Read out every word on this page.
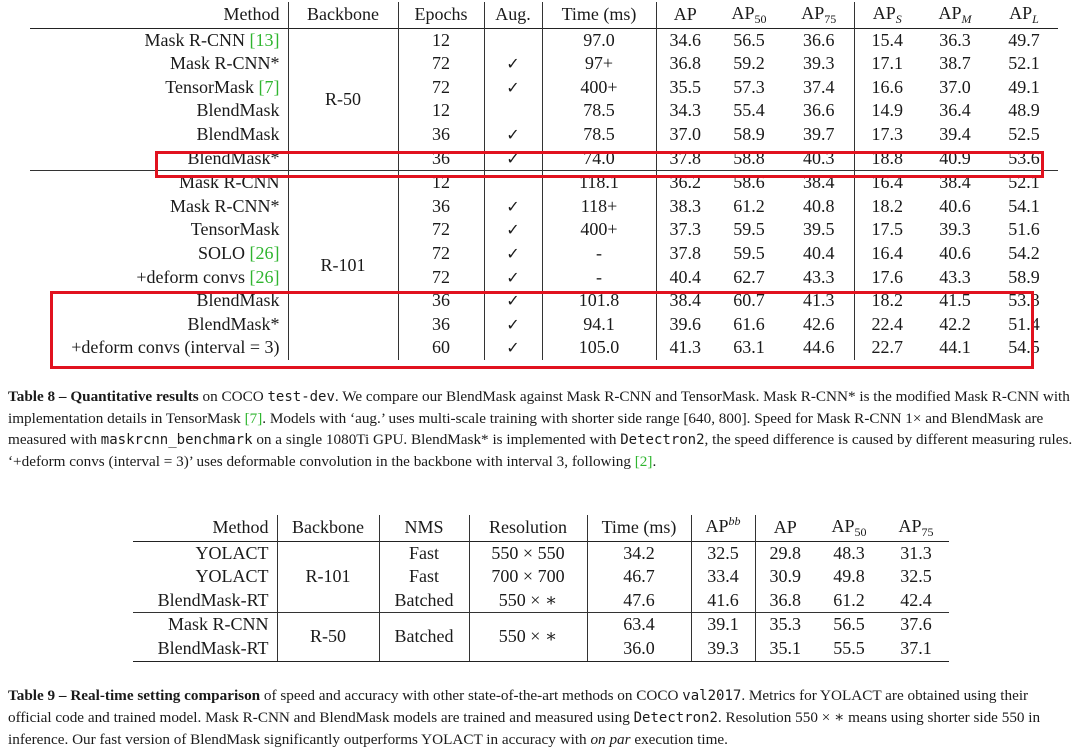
Method	Backbone	Epochs	Aug.	Time (ms)	AP	$AP_{50}$	$AP_{75}$	$AP_S$	$AP_M$	$AP_L$
Mask R-CNN [13]	R-50	12		97.0	34.6	56.5	36.6	15.4	36.3	49.7
Mask R-CNN*		72	✓	97+	36.8	59.2	39.3	17.1	38.7	52.1
TensorMask [7]		72	✓	400+	35.5	57.3	37.4	16.6	37.0	49.1
BlendMask		12		78.5	34.3	55.4	36.6	14.9	36.4	48.9
BlendMask		36	✓	78.5	37.0	58.9	39.7	17.3	39.4	52.5
BlendMask*		36	✓	74.0	37.8	58.8	40.3	18.8	40.9	53.6
Mask R-CNN	R-101	12		118.1	36.2	58.6	38.4	16.4	38.4	52.1
Mask R-CNN*		36	✓	118+	38.3	61.2	40.8	18.2	40.6	54.1
TensorMask		72	✓	400+	37.3	59.5	39.5	17.5	39.3	51.6
SOLO [26]		72	✓	-	37.8	59.5	40.4	16.4	40.6	54.2
+deform convs [26]		72	✓	-	40.4	62.7	43.3	17.6	43.3	58.9
BlendMask		36	✓	101.8	38.4	60.7	41.3	18.2	41.5	53.3
BlendMask*		36	✓	94.1	39.6	61.6	42.6	22.4	42.2	51.4
+deform convs (interval = 3)		60	✓	105.0	41.3	63.1	44.6	22.7	44.1	54.5
Table 8 – Quantitative results on COCO test-dev. We compare our BlendMask against Mask R-CNN and TensorMask. Mask R-CNN* is the modified Mask R-CNN with implementation details in TensorMask [7]. Models with ‘aug.’ uses multi-scale training with shorter side range [640, 800]. Speed for Mask R-CNN 1× and BlendMask are measured with maskrcnn_benchmark on a single 1080Ti GPU. BlendMask* is implemented with Detectron2, the speed difference is caused by different measuring rules. ‘+deform convs (interval = 3)’ uses deformable convolution in the backbone with interval 3, following [2].
Method	Backbone	NMS	Resolution	Time (ms)	$AP^{bb}$	AP	$AP_{50}$	$AP_{75}$
YOLACT	R-101	Fast	550 × 550	34.2	32.5	29.8	48.3	31.3
YOLACT		Fast	700 × 700	46.7	33.4	30.9	49.8	32.5
BlendMask-RT		Batched	550 × ∗	47.6	41.6	36.8	61.2	42.4
Mask R-CNN	R-50	Batched	550 × ∗	63.4	39.1	35.3	56.5	37.6
BlendMask-RT				36.0	39.3	35.1	55.5	37.1
Table 9 – Real-time setting comparison of speed and accuracy with other state-of-the-art methods on COCO val2017. Metrics for YOLACT are obtained using their official code and trained model. Mask R-CNN and BlendMask models are trained and measured using Detectron2. Resolution 550 × ∗ means using shorter side 550 in inference. Our fast version of BlendMask significantly outperforms YOLACT in accuracy with on par execution time.
